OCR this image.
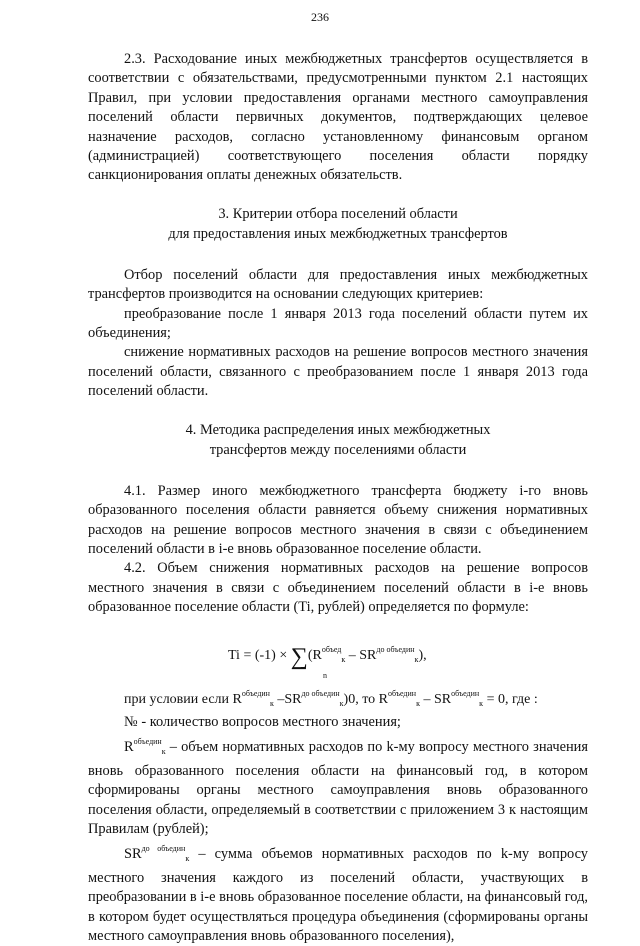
236

2.3. Расходование иных межбюджетных трансфертов осуществляется в соответствии с обязательствами, предусмотренными пунктом 2.1 настоящих Правил, при условии предоставления органами местного самоуправления поселений области первичных документов, подтверждающих целевое назначение расходов, согласно установленному финансовым органом (администрацией) соответствующего поселения области порядку санкционирования оплаты денежных обязательств.

3. Критерии отбора поселений области

для предоставления иных межбюджетных трансфертов

Отбор поселений области для предоставления иных межбюджетных трансфертов производится на основании следующих критериев:

преобразование после 1 января 2013 года поселений области путем их объединения;

снижение нормативных расходов на решение вопросов местного значения поселений области, связанного с преобразованием после 1 января 2013 года поселений области.

4. Методика распределения иных межбюджетных

трансфертов между поселениями области

4.1. Размер иного межбюджетного трансферта бюджету i-го вновь образованного поселения области равняется объему снижения нормативных расходов на решение вопросов местного значения в связи с объединением поселений области в i-е вновь образованное поселение области.

4.2. Объем снижения нормативных расходов на решение вопросов местного значения в связи с объединением поселений области в i-е вновь образованное поселение области (Ti, рублей) определяется по формуле:

$Ti = (-1) \times \sum(R^{объед}_к - SR^{до объедин}_к)$,
n

при условии если $R^{объедин}_к$ $-SR^{до объедин}_к)0$, то $R^{объедин}_к - SR^{объедин}_к = 0$, где :

№ - количество вопросов местного значения;

$R^{объедин}_к$ – объем нормативных расходов по k-му вопросу местного значения вновь образованного поселения области на финансовый год, в котором сформированы органы местного самоуправления вновь образованного поселения области, определяемый в соответствии с приложением 3 к настоящим Правилам (рублей);

$SR^{до объедин}_к$ – сумма объемов нормативных расходов по k-му вопросу местного значения каждого из поселений области, участвующих в преобразовании в i-е вновь образованное поселение области, на финансовый год, в котором будет осуществляться процедура объединения (сформированы органы местного самоуправления вновь образованного поселения),
